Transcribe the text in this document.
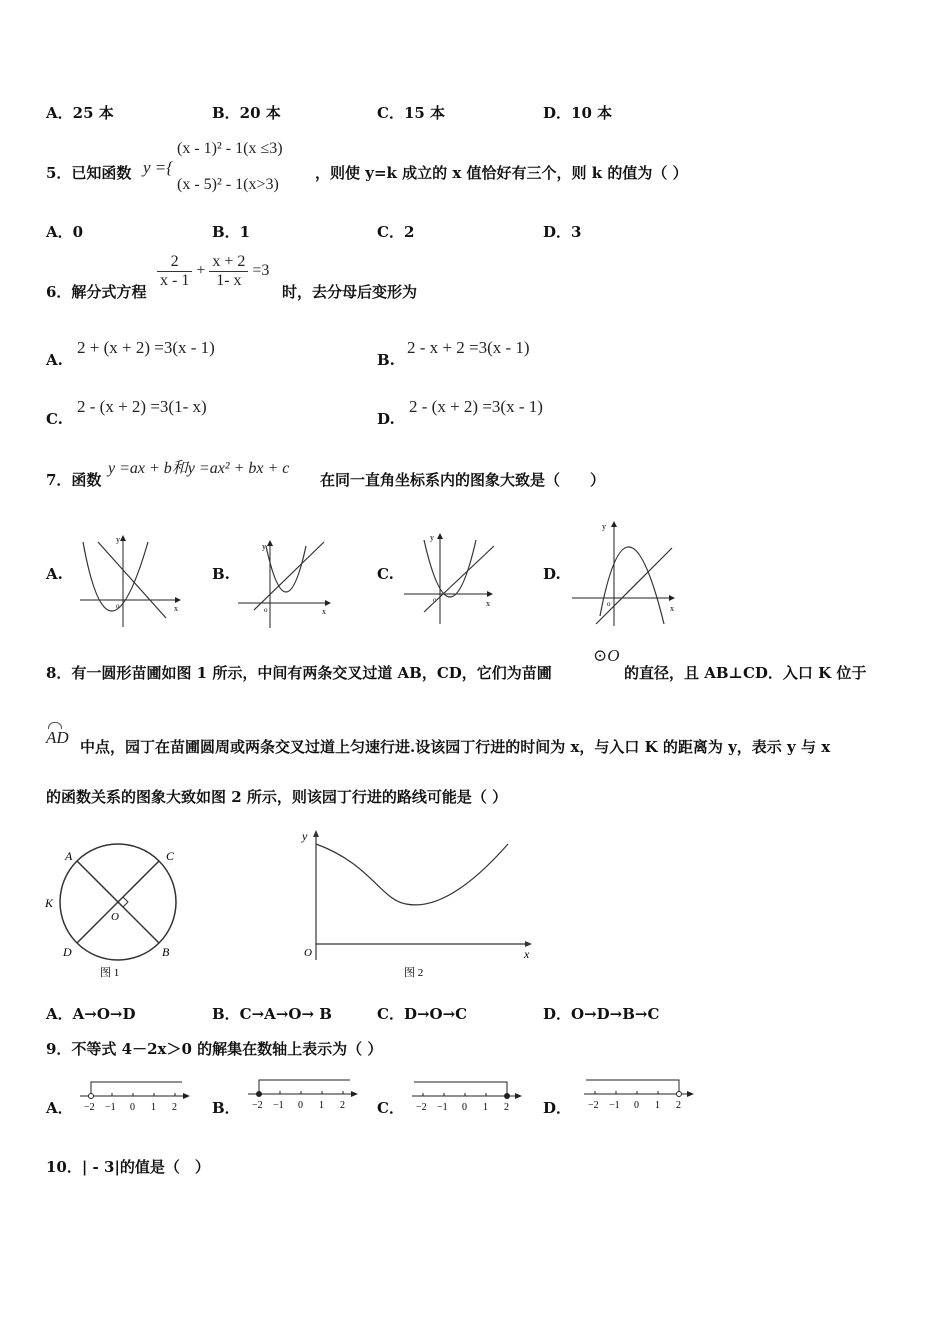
A．25 本	B．20 本	C．15 本	D．10 本
5．已知函数 y ={
(x - 1)² - 1(x ≤3)
(x - 5)² - 1(x>3)
，则使 y=k 成立的 x 值恰好有三个，则 k 的值为（ ）
A．0	B．1	C．2	D．3
6．解分式方程
$\frac{2}{x - 1} + \frac{x + 2}{1- x} =3$
时，去分母后变形为
A.
2 + (x + 2) =3(x - 1)
B.
2 - x + 2 =3(x - 1)
C.
2 - (x + 2) =3(1- x)
D.
2 - (x + 2) =3(x - 1)
7．函数
y =ax + b和y =ax² + bx + c
在同一直角坐标系内的图象大致是（　　）
A.	B.	C.	D.
y
x
o
y
x
o
y
x
o
y
x
o
8．有一圆形苗圃如图 1 所示，中间有两条交叉过道 AB，CD，它们为苗圃
⊙O
的直径，且 AB⊥CD．入口 K 位于
AD 中点，园丁在苗圃圆周或两条交叉过道上匀速行进.设该园丁行进的时间为 x，与入口 K 的距离为 y，表示 y 与 x
的函数关系的图象大致如图 2 所示，则该园丁行进的路线可能是（ ）
A	C
K
O
D	B
图 1
y
x
O
图 2
A．A→O→D	B．C→A→O→ B	C．D→O→C	D．O→D→B→C
9．不等式 4－2x＞0 的解集在数轴上表示为（ ）
A．	B．	C．	D．
−2 −1 0 1 2	−2 −1 0 1 2	−2 −1 0 1 2	−2 −1 0 1 2
10．| - 3|的值是（　）
